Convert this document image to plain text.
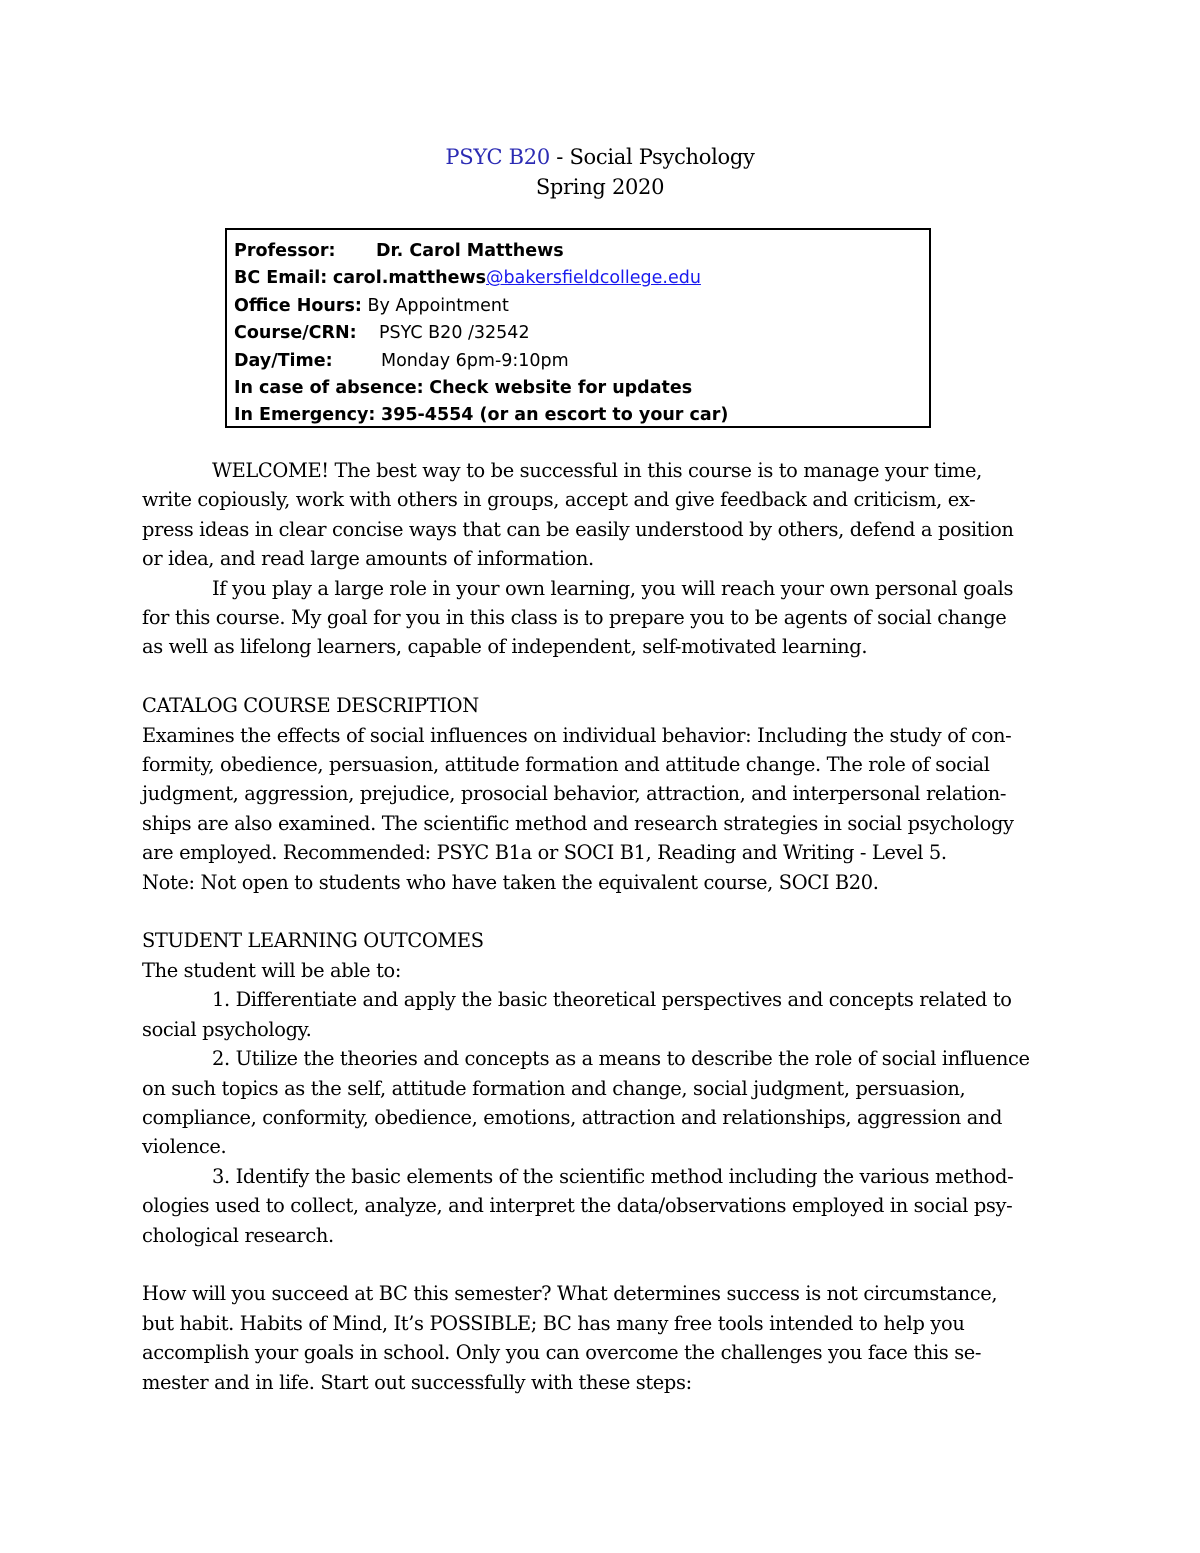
PSYC B20 - Social Psychology
Spring 2020
Professor: Dr. Carol Matthews
BC Email: carol.matthews@bakersfieldcollege.edu
Office Hours: By Appointment
Course/CRN: PSYC B20 /32542
Day/Time:	Monday 6pm-9:10pm
In case of absence: Check website for updates
In Emergency: 395-4554 (or an escort to your car)
WELCOME! The best way to be successful in this course is to manage your time,
write copiously, work with others in groups, accept and give feedback and criticism, ex-
press ideas in clear concise ways that can be easily understood by others, defend a position
or idea, and read large amounts of information.
If you play a large role in your own learning, you will reach your own personal goals
for this course. My goal for you in this class is to prepare you to be agents of social change
as well as lifelong learners, capable of independent, self-motivated learning.
CATALOG COURSE DESCRIPTION
Examines the effects of social influences on individual behavior: Including the study of con-
formity, obedience, persuasion, attitude formation and attitude change. The role of social
judgment, aggression, prejudice, prosocial behavior, attraction, and interpersonal relation-
ships are also examined. The scientific method and research strategies in social psychology
are employed. Recommended: PSYC B1a or SOCI B1, Reading and Writing - Level 5.
Note: Not open to students who have taken the equivalent course, SOCI B20.
STUDENT LEARNING OUTCOMES
The student will be able to:
1. Differentiate and apply the basic theoretical perspectives and concepts related to
social psychology.
2. Utilize the theories and concepts as a means to describe the role of social influence
on such topics as the self, attitude formation and change, social judgment, persuasion,
compliance, conformity, obedience, emotions, attraction and relationships, aggression and
violence.
3. Identify the basic elements of the scientific method including the various method-
ologies used to collect, analyze, and interpret the data/observations employed in social psy-
chological research.
How will you succeed at BC this semester? What determines success is not circumstance,
but habit. Habits of Mind, It’s POSSIBLE; BC has many free tools intended to help you
accomplish your goals in school. Only you can overcome the challenges you face this se-
mester and in life. Start out successfully with these steps:
